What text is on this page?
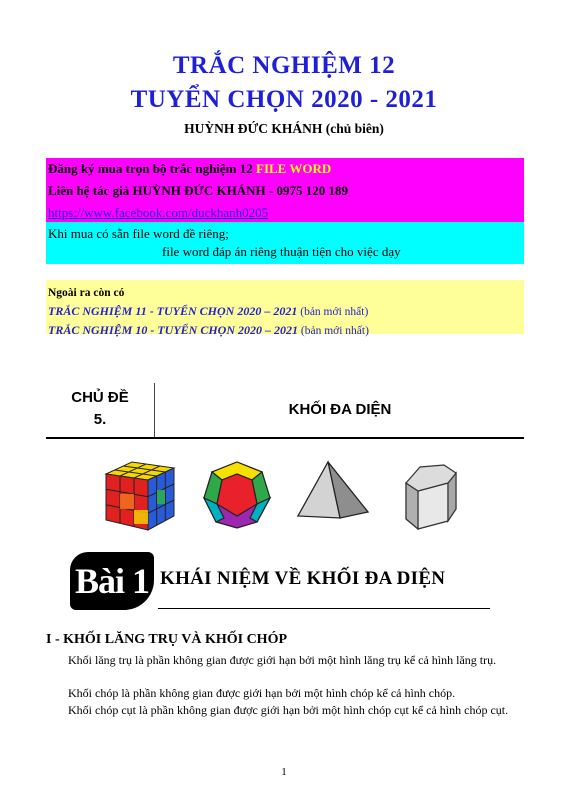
TRẮC NGHIỆM 12
TUYỂN CHỌN 2020 - 2021
HUỲNH ĐỨC KHÁNH (chủ biên)
Đăng ký mua trọn bộ trắc nghiệm 12 FILE WORD
Liên hệ tác giả HUỲNH ĐỨC KHÁNH - 0975 120 189
https://www.facebook.com/duckhanh0205
Khi mua có sẵn file word đề riêng;
file word đáp án riêng thuận tiện cho việc dạy
Ngoài ra còn có
TRẮC NGHIỆM 11 - TUYỂN CHỌN 2020 – 2021 (bản mới nhất)
TRẮC NGHIỆM 10 - TUYỂN CHỌN 2020 – 2021 (bản mới nhất)
CHỦ ĐỀ
5.
KHỐI ĐA DIỆN
Bài 1 KHÁI NIỆM VỀ KHỐI ĐA DIỆN
I - KHỐI LĂNG TRỤ VÀ KHỐI CHÓP
Khối lăng trụ là phần không gian được giới hạn bởi một hình lăng trụ kể cả hình lăng trụ.
Khối chóp là phần không gian được giới hạn bởi một hình chóp kể cả hình chóp.
Khối chóp cụt là phần không gian được giới hạn bởi một hình chóp cụt kể cả hình chóp cụt.
1
